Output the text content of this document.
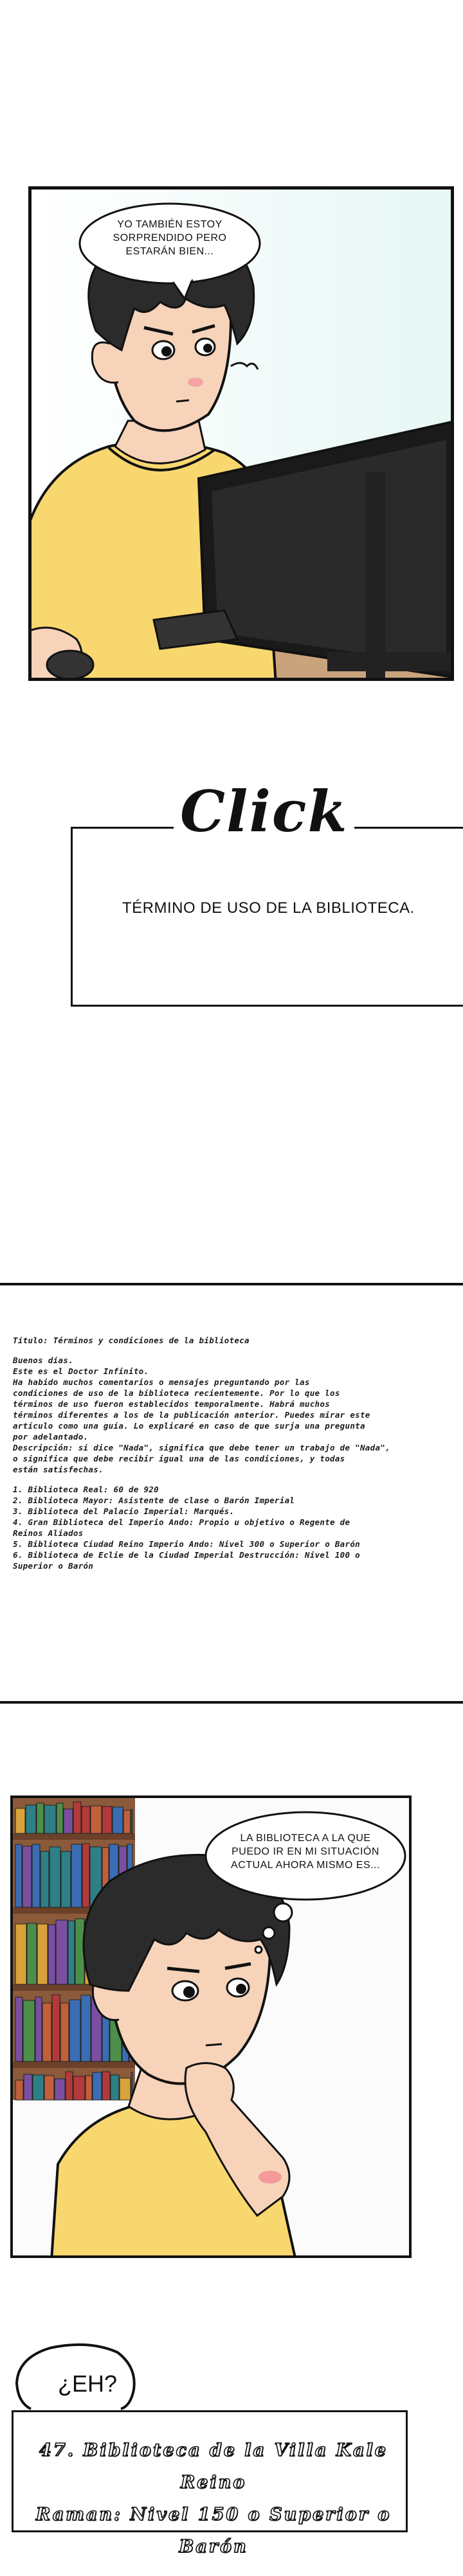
YO TAMBIÉN ESTOY
SORPRENDIDO PERO
ESTARÁN BIEN...
Click
TÉRMINO DE USO DE LA BIBLIOTECA.

Título: Términos y condiciones de la biblioteca

Buenos días.

Este es el Doctor Infinito.

Ha habido muchos comentarios o mensajes preguntando por las

condiciones de uso de la biblioteca recientemente. Por lo que los

términos de uso fueron establecidos temporalmente. Habrá muchos

términos diferentes a los de la publicación anterior. Puedes mirar este

artículo como una guía. Lo explicaré en caso de que surja una pregunta

por adelantado.

Descripción: si dice "Nada", significa que debe tener un trabajo de "Nada",

o significa que debe recibir igual una de las condiciones, y todas

están satisfechas.

1. Biblioteca Real: 60 de 920

2. Biblioteca Mayor: Asistente de clase o Barón Imperial

3. Biblioteca del Palacio Imperial: Marqués.

4. Gran Biblioteca del Imperio Ando: Propio u objetivo o Regente de

Reinos Aliados

5. Biblioteca Ciudad Reino Imperio Ando: Nivel 300 o Superior o Barón

6. Biblioteca de Eclie de la Ciudad Imperial Destrucción: Nivel 100 o

Superior o Barón

LA BIBLIOTECA A LA QUE
PUEDO IR EN MI SITUACIÓN
ACTUAL AHORA MISMO ES...
¿EH?
47. Biblioteca de la Villa Kale Reino
Raman: Nivel 150 o Superior o Barón
